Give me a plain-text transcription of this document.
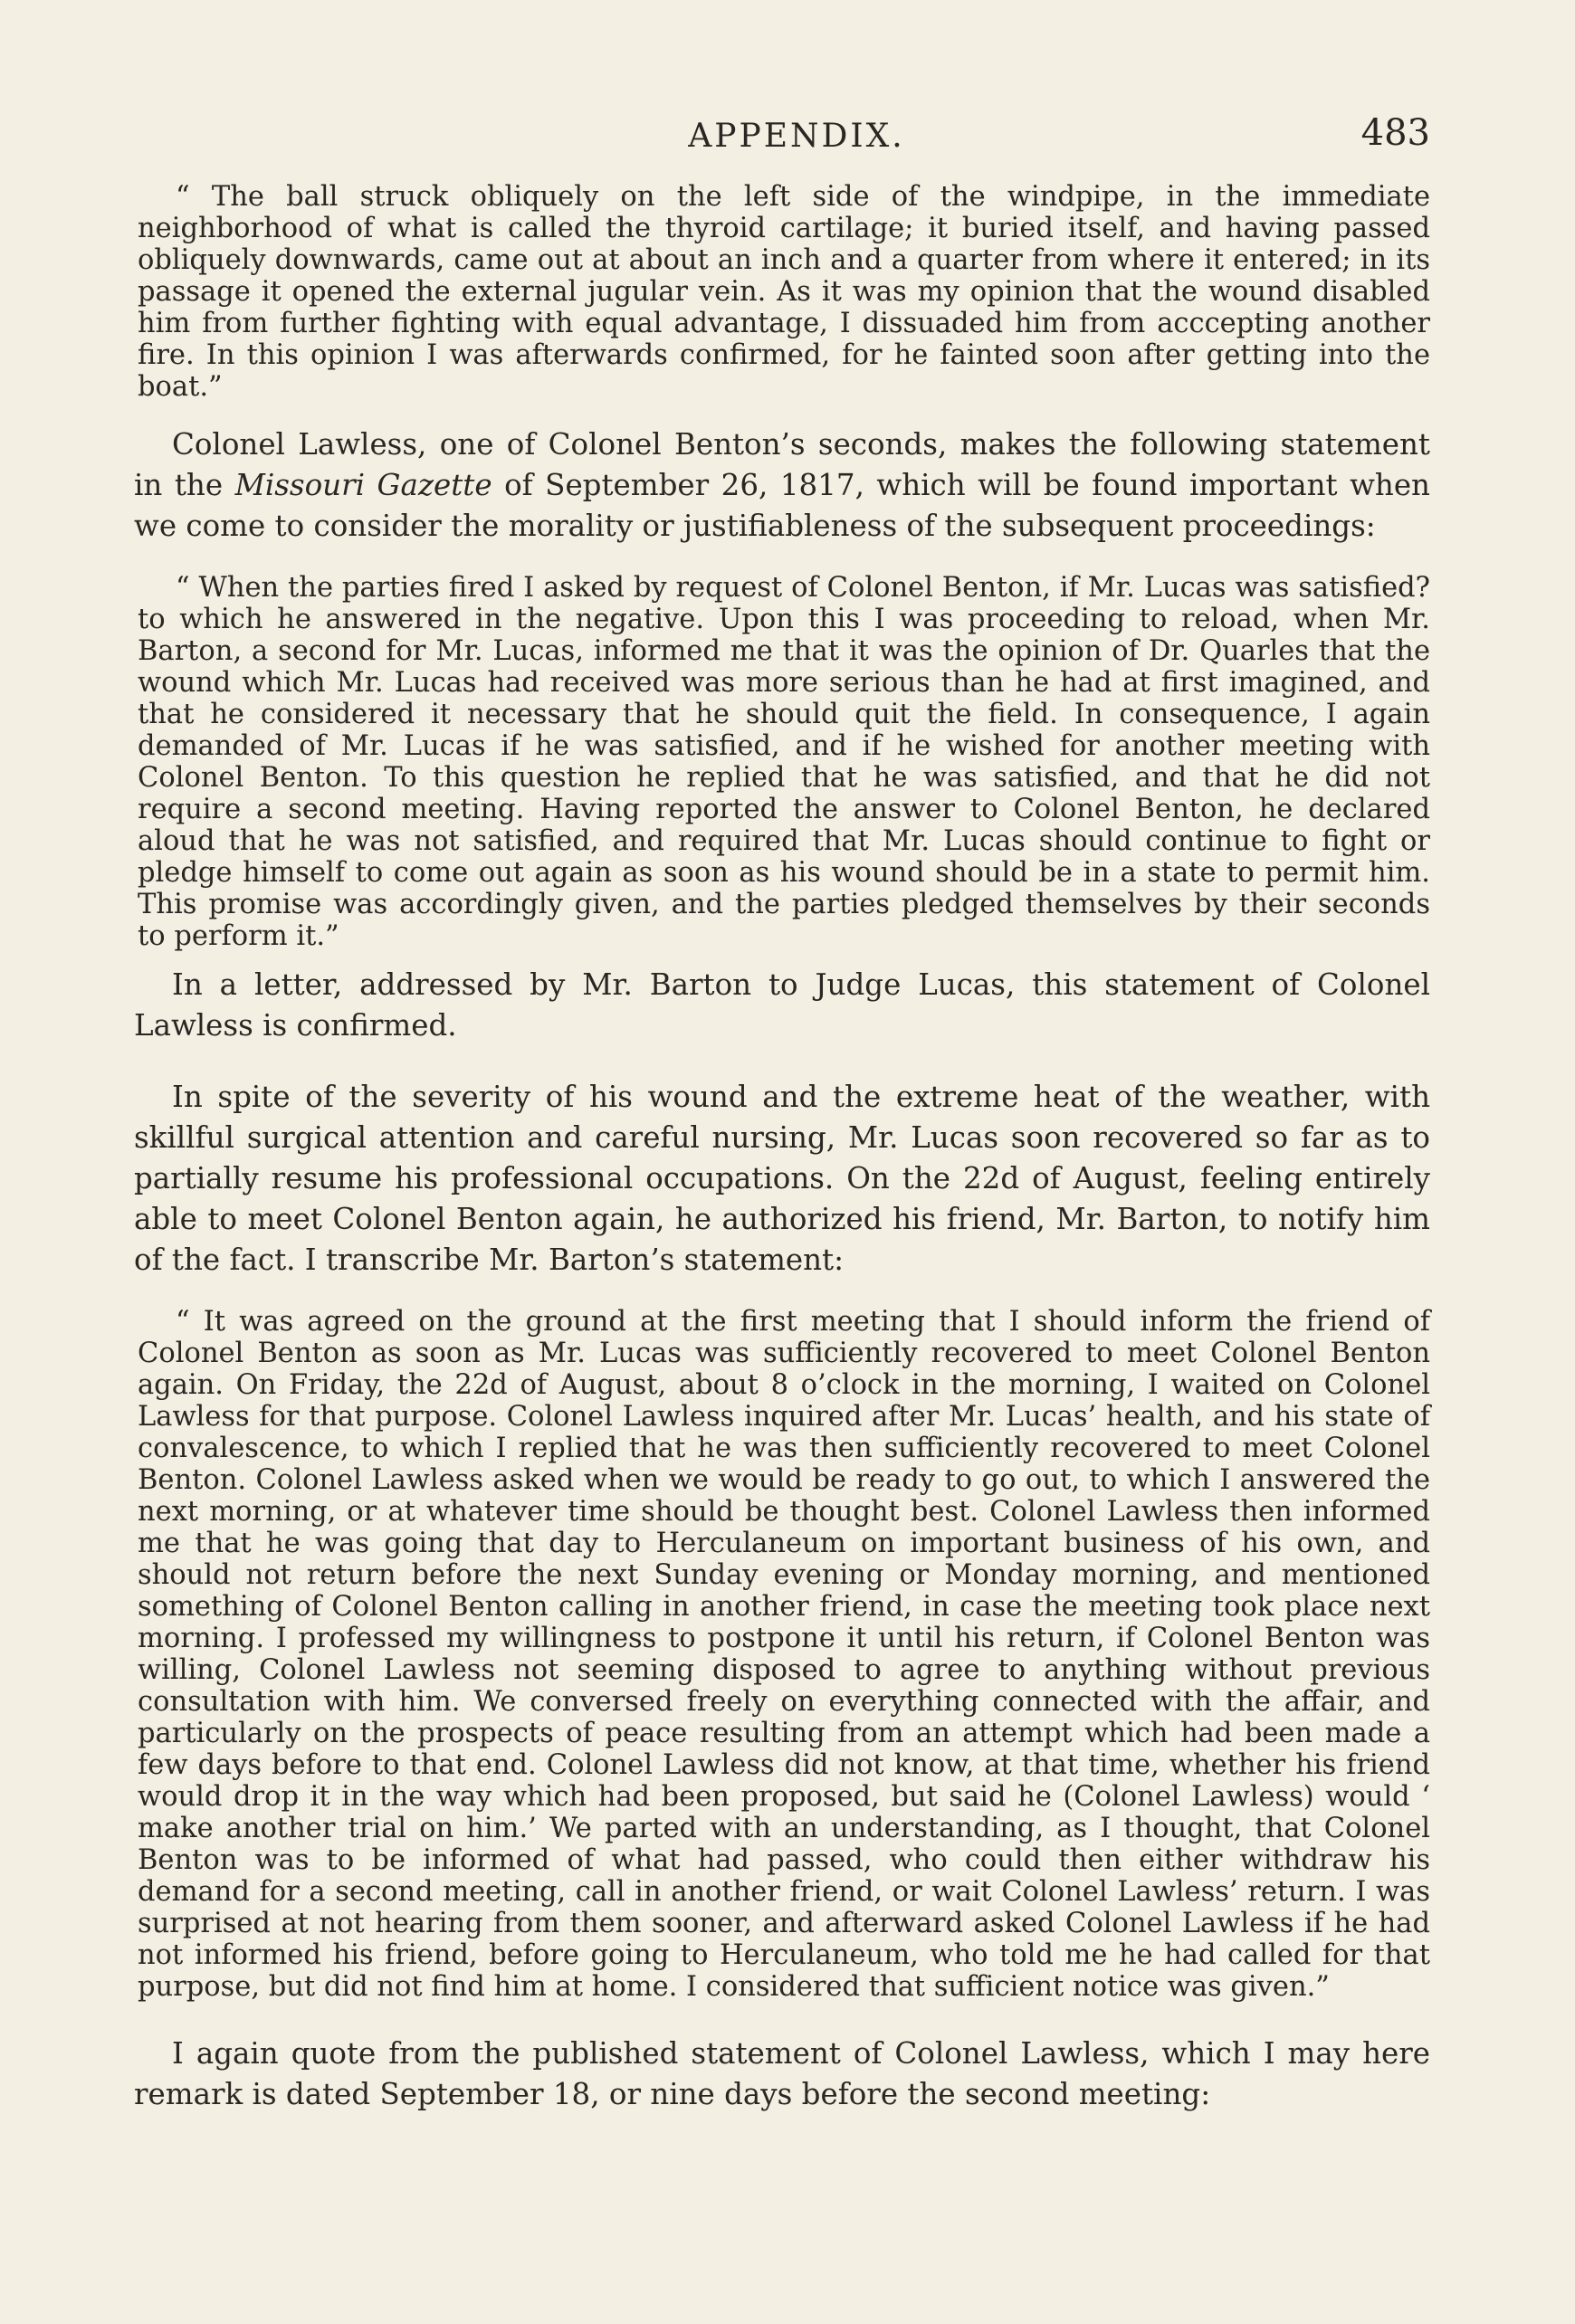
APPENDIX.	483

“ The ball struck obliquely on the left side of the windpipe, in the immediate neighborhood of what is called the thyroid cartilage; it buried itself, and having passed obliquely downwards, came out at about an inch and a quarter from where it entered; in its passage it opened the external jugular vein. As it was my opinion that the wound disabled him from further fighting with equal advantage, I dissuaded him from acccepting another fire. In this opinion I was afterwards confirmed, for he fainted soon after getting into the boat.”

Colonel Lawless, one of Colonel Benton’s seconds, makes the following statement in the Missouri Gazette of September 26, 1817, which will be found important when we come to consider the morality or justifiableness of the subsequent proceedings:

“ When the parties fired I asked by request of Colonel Benton, if Mr. Lucas was satisfied? to which he answered in the negative. Upon this I was proceeding to reload, when Mr. Barton, a second for Mr. Lucas, informed me that it was the opinion of Dr. Quarles that the wound which Mr. Lucas had received was more serious than he had at first imagined, and that he considered it necessary that he should quit the field. In consequence, I again demanded of Mr. Lucas if he was satisfied, and if he wished for another meeting with Colonel Benton. To this question he replied that he was satisfied, and that he did not require a second meeting. Having reported the answer to Colonel Benton, he declared aloud that he was not satisfied, and required that Mr. Lucas should continue to fight or pledge himself to come out again as soon as his wound should be in a state to permit him. This promise was accordingly given, and the parties pledged themselves by their seconds to perform it.”

In a letter, addressed by Mr. Barton to Judge Lucas, this statement of Colonel Lawless is confirmed.

In spite of the severity of his wound and the extreme heat of the weather, with skillful surgical attention and careful nursing, Mr. Lucas soon recovered so far as to partially resume his professional occupations. On the 22d of August, feeling entirely able to meet Colonel Benton again, he authorized his friend, Mr. Barton, to notify him of the fact. I transcribe Mr. Barton’s statement:

“ It was agreed on the ground at the first meeting that I should inform the friend of Colonel Benton as soon as Mr. Lucas was sufficiently recovered to meet Colonel Benton again. On Friday, the 22d of August, about 8 o’clock in the morning, I waited on Colonel Lawless for that purpose. Colonel Lawless inquired after Mr. Lucas’ health, and his state of convalescence, to which I replied that he was then sufficiently recovered to meet Colonel Benton. Colonel Lawless asked when we would be ready to go out, to which I answered the next morning, or at whatever time should be thought best. Colonel Lawless then informed me that he was going that day to Herculaneum on important business of his own, and should not return before the next Sunday evening or Monday morning, and mentioned something of Colonel Benton calling in another friend, in case the meeting took place next morning. I professed my willingness to postpone it until his return, if Colonel Benton was willing, Colonel Lawless not seeming disposed to agree to anything without previous consultation with him. We conversed freely on everything connected with the affair, and particularly on the prospects of peace resulting from an attempt which had been made a few days before to that end. Colonel Lawless did not know, at that time, whether his friend would drop it in the way which had been proposed, but said he (Colonel Lawless) would ‘ make another trial on him.’ We parted with an understanding, as I thought, that Colonel Benton was to be informed of what had passed, who could then either withdraw his demand for a second meeting, call in another friend, or wait Colonel Lawless’ return. I was surprised at not hearing from them sooner, and afterward asked Colonel Lawless if he had not informed his friend, before going to Herculaneum, who told me he had called for that purpose, but did not find him at home. I considered that sufficient notice was given.”

I again quote from the published statement of Colonel Lawless, which I may here remark is dated September 18, or nine days before the second meeting:
